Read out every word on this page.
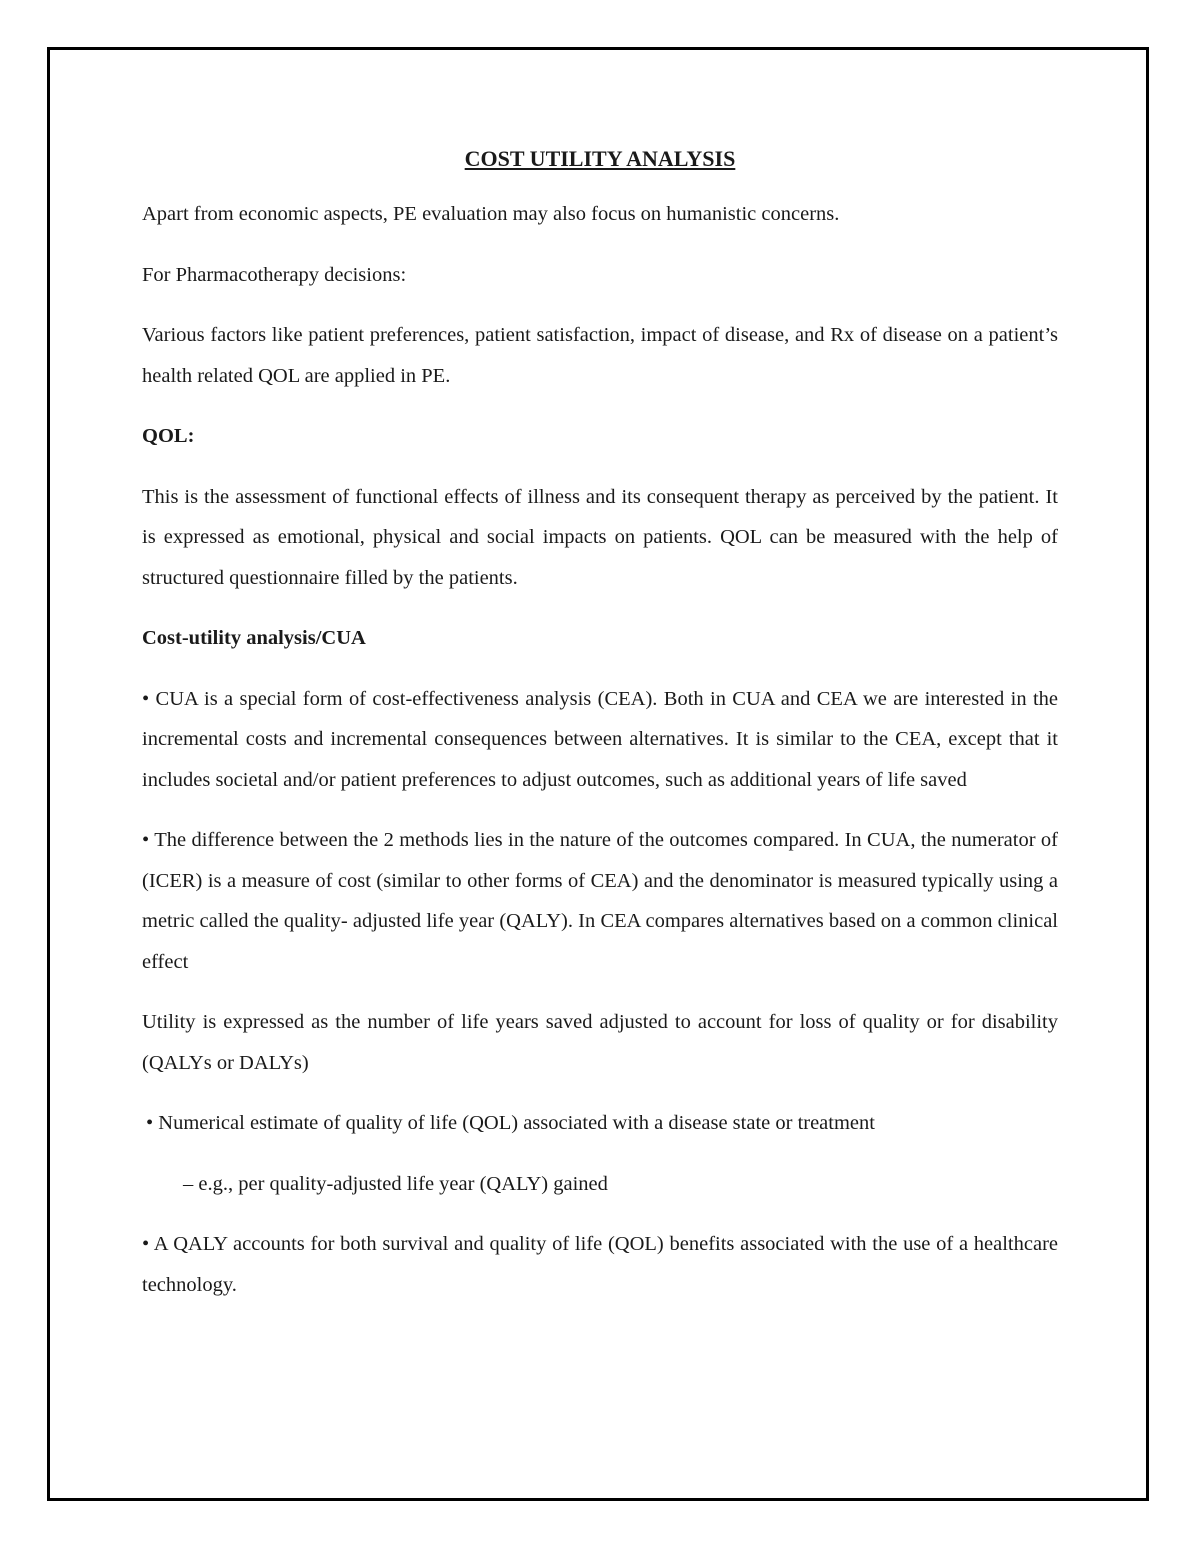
COST UTILITY ANALYSIS

Apart from economic aspects, PE evaluation may also focus on humanistic concerns.

For Pharmacotherapy decisions:

Various factors like patient preferences, patient satisfaction, impact of disease, and Rx of disease on a patient’s health related QOL are applied in PE.

QOL:

This is the assessment of functional effects of illness and its consequent therapy as perceived by the patient. It is expressed as emotional, physical and social impacts on patients. QOL can be measured with the help of structured questionnaire filled by the patients.

Cost-utility analysis/CUA

• CUA is a special form of cost-effectiveness analysis (CEA). Both in CUA and CEA we are interested in the incremental costs and incremental consequences between alternatives. It is similar to the CEA, except that it includes societal and/or patient preferences to adjust outcomes, such as additional years of life saved

• The difference between the 2 methods lies in the nature of the outcomes compared. In CUA, the numerator of (ICER) is a measure of cost (similar to other forms of CEA) and the denominator is measured typically using a metric called the quality- adjusted life year (QALY). In CEA compares alternatives based on a common clinical effect

Utility is expressed as the number of life years saved adjusted to account for loss of quality or for disability (QALYs or DALYs)

• Numerical estimate of quality of life (QOL) associated with a disease state or treatment

– e.g., per quality-adjusted life year (QALY) gained

• A QALY accounts for both survival and quality of life (QOL) benefits associated with the use of a healthcare technology.
